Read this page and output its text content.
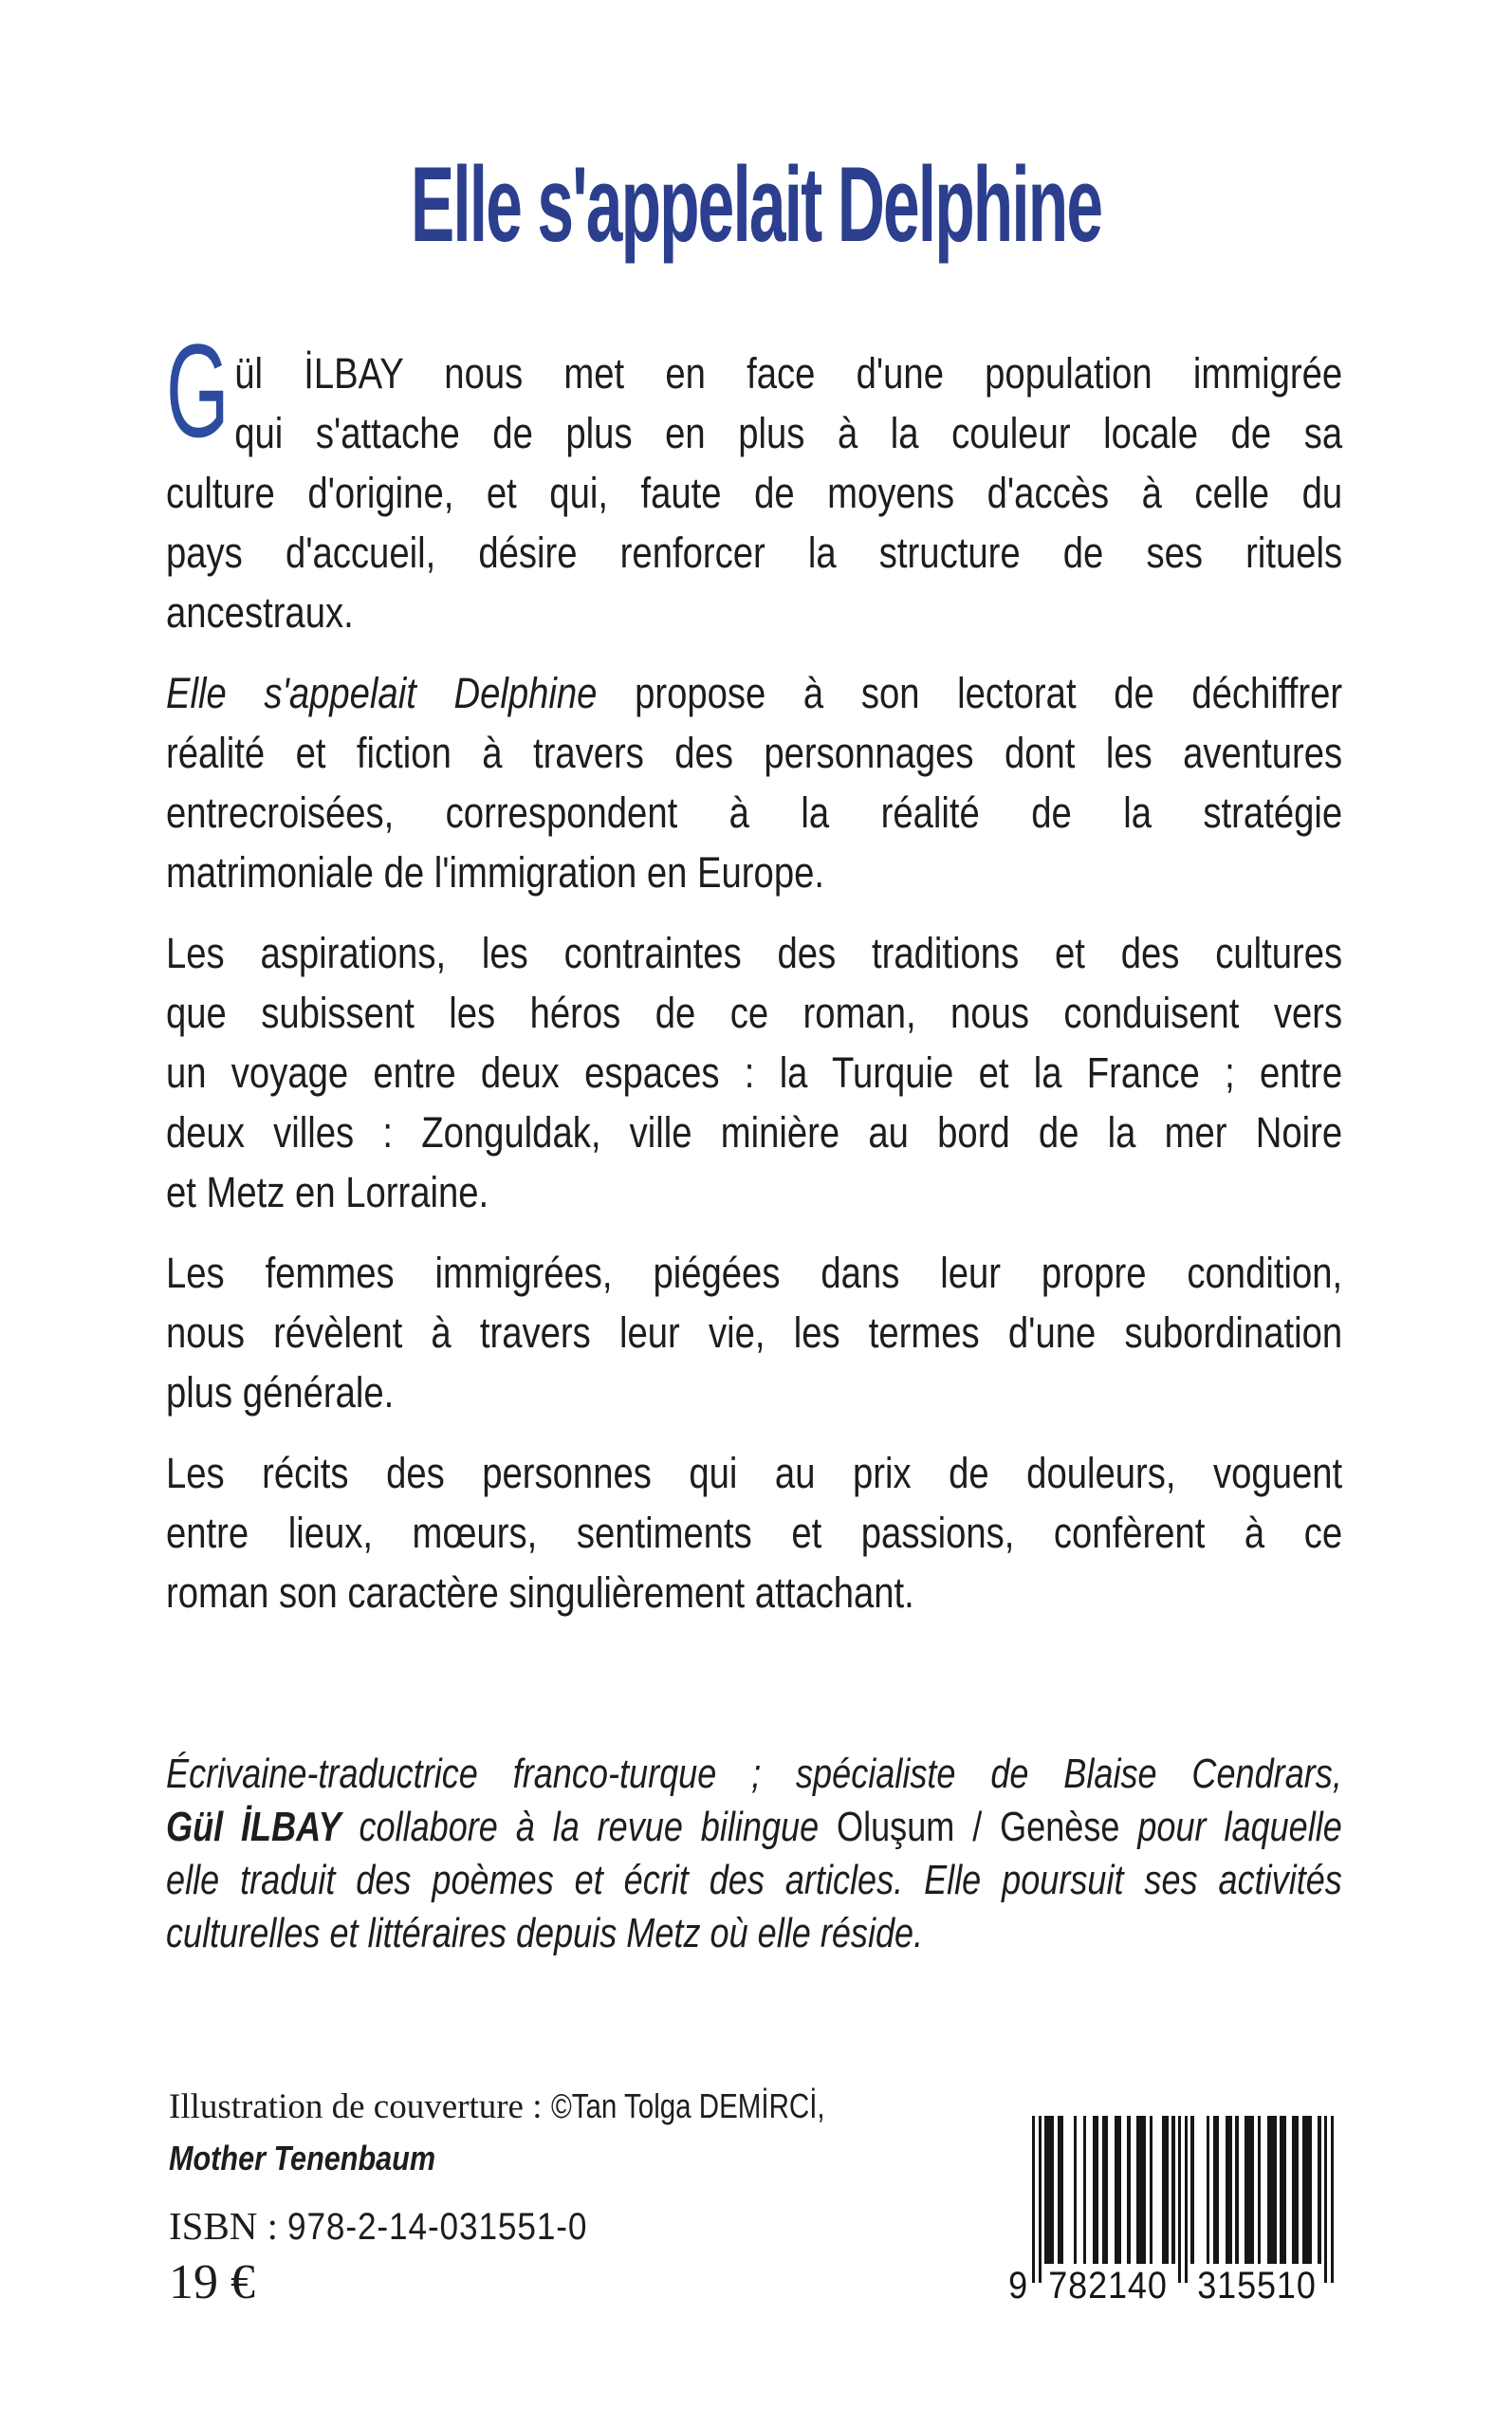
Elle s'appelait Delphine
G ül İLBAY nous met en face d'une population immigrée
qui s'attache de plus en plus à la couleur locale de sa
culture d'origine, et qui, faute de moyens d'accès à celle du
pays d'accueil, désire renforcer la structure de ses rituels
ancestraux.
Elle s'appelait Delphine propose à son lectorat de déchiffrer
réalité et fiction à travers des personnages dont les aventures
entrecroisées, correspondent à la réalité de la stratégie
matrimoniale de l'immigration en Europe.
Les aspirations, les contraintes des traditions et des cultures
que subissent les héros de ce roman, nous conduisent vers
un voyage entre deux espaces : la Turquie et la France ; entre
deux villes : Zonguldak, ville minière au bord de la mer Noire
et Metz en Lorraine.
Les femmes immigrées, piégées dans leur propre condition,
nous révèlent à travers leur vie, les termes d'une subordination
plus générale.
Les récits des personnes qui au prix de douleurs, voguent
entre lieux, mœurs, sentiments et passions, confèrent à ce
roman son caractère singulièrement attachant.
Écrivaine-traductrice franco-turque ; spécialiste de Blaise Cendrars,
Gül İLBAY collabore à la revue bilingue Oluşum / Genèse pour laquelle
elle traduit des poèmes et écrit des articles. Elle poursuit ses activités
culturelles et littéraires depuis Metz où elle réside.
Illustration de couverture : ©Tan Tolga DEMİRCİ,
Mother Tenenbaum
ISBN : 978-2-14-031551-0
19 €	9 782140 315510
